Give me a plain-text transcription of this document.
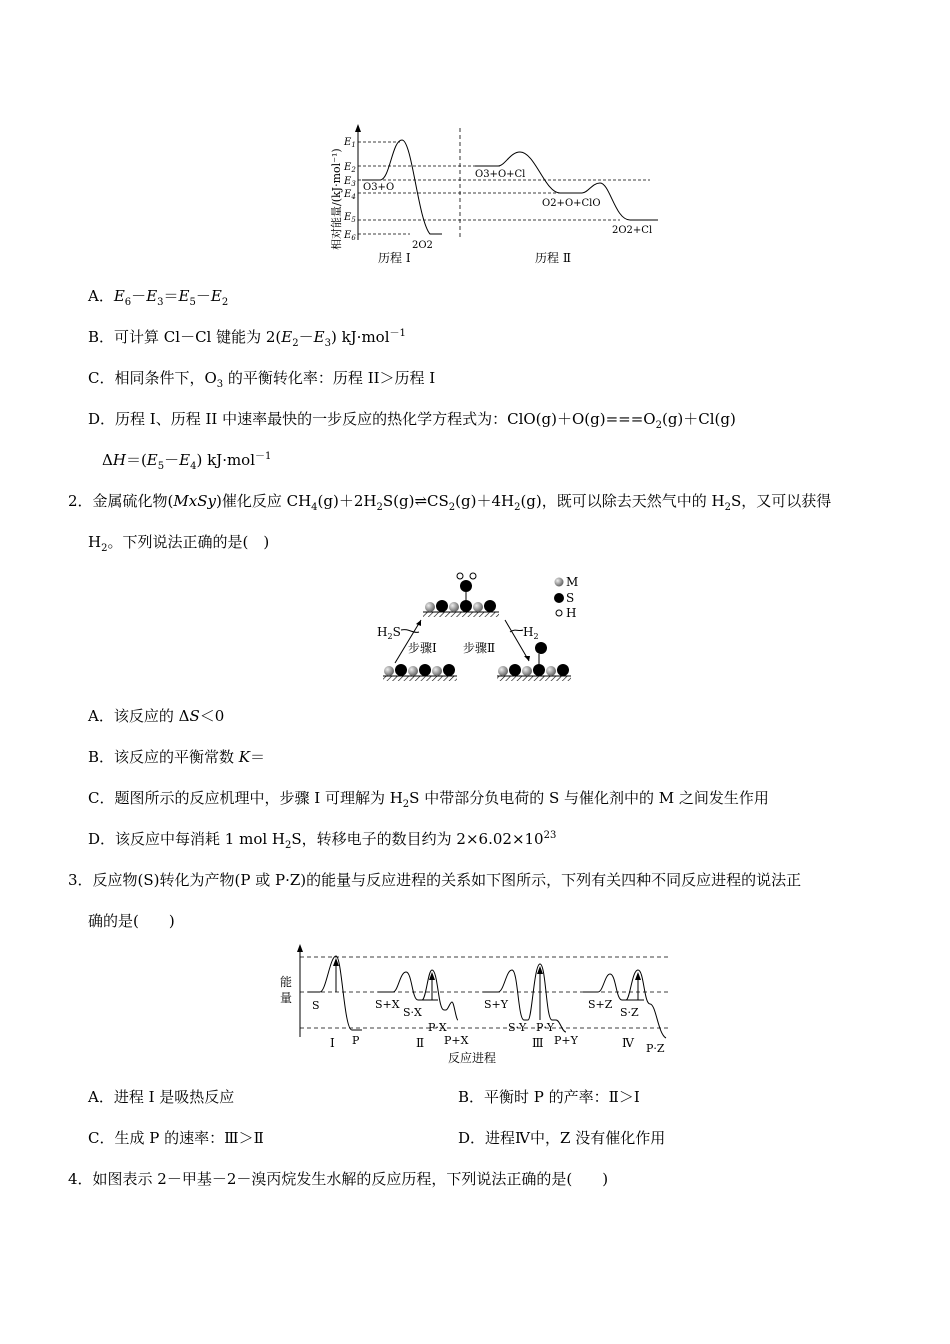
相对能量/(kJ·mol⁻¹)
$E_1$
$E_2$
$E_3$
$E_4$
$E_5$
$E_6$
O3+O
2O2
O3+O+Cl
O2+O+ClO
2O2+Cl
历程 Ⅰ	历程 Ⅱ
A．$E_6-E_3=E_5-E_2$
B．可计算 Cl－Cl 键能为 $2(E_2-E_3)$ kJ·mol$^{-1}$
C．相同条件下，$O_3$ 的平衡转化率：历程 II＞历程 I
D．历程 I、历程 II 中速率最快的一步反应的热化学方程式为：$ClO(g)+O(g)===O_2(g)+Cl(g)$
$\Delta H=(E_5-E_4)$ kJ·mol$^{-1}$
2．金属硫化物(MxSy)催化反应 $CH_4(g)+2H_2S(g)\rightleftharpoons CS_2(g)+4H_2(g)$，既可以除去天然气中的 $H_2S$，又可以获得
$H_2$。下列说法正确的是(　)
$H_2S$
步骤Ⅰ 步骤Ⅱ
$H_2$
M
S
H
A．该反应的 ΔS＜0
B．该反应的平衡常数 K＝
C．题图所示的反应机理中，步骤 Ⅰ 可理解为 $H_2S$ 中带部分负电荷的 S 与催化剂中的 M 之间发生作用
D．该反应中每消耗 1 mol $H_2S$，转移电子的数目约为 $2\times 6.02\times 10^{23}$
3．反应物(S)转化为产物(P 或 P·Z)的能量与反应进程的关系如下图所示，下列有关四种不同反应进程的说法正
确的是(　　)
能
量
S
P
S+X
S·X
P·X
P+X
S+Y
S·Y P·Y
P+Y
S+Z
S·Z
P·Z
Ⅰ	Ⅱ	Ⅲ	Ⅳ
反应进程
A．进程 Ⅰ 是吸热反应	B．平衡时 P 的产率：Ⅱ＞Ⅰ
C．生成 P 的速率：Ⅲ＞Ⅱ	D．进程Ⅳ中，Z 没有催化作用
4．如图表示 2－甲基－2－溴丙烷发生水解的反应历程，下列说法正确的是(　　)
